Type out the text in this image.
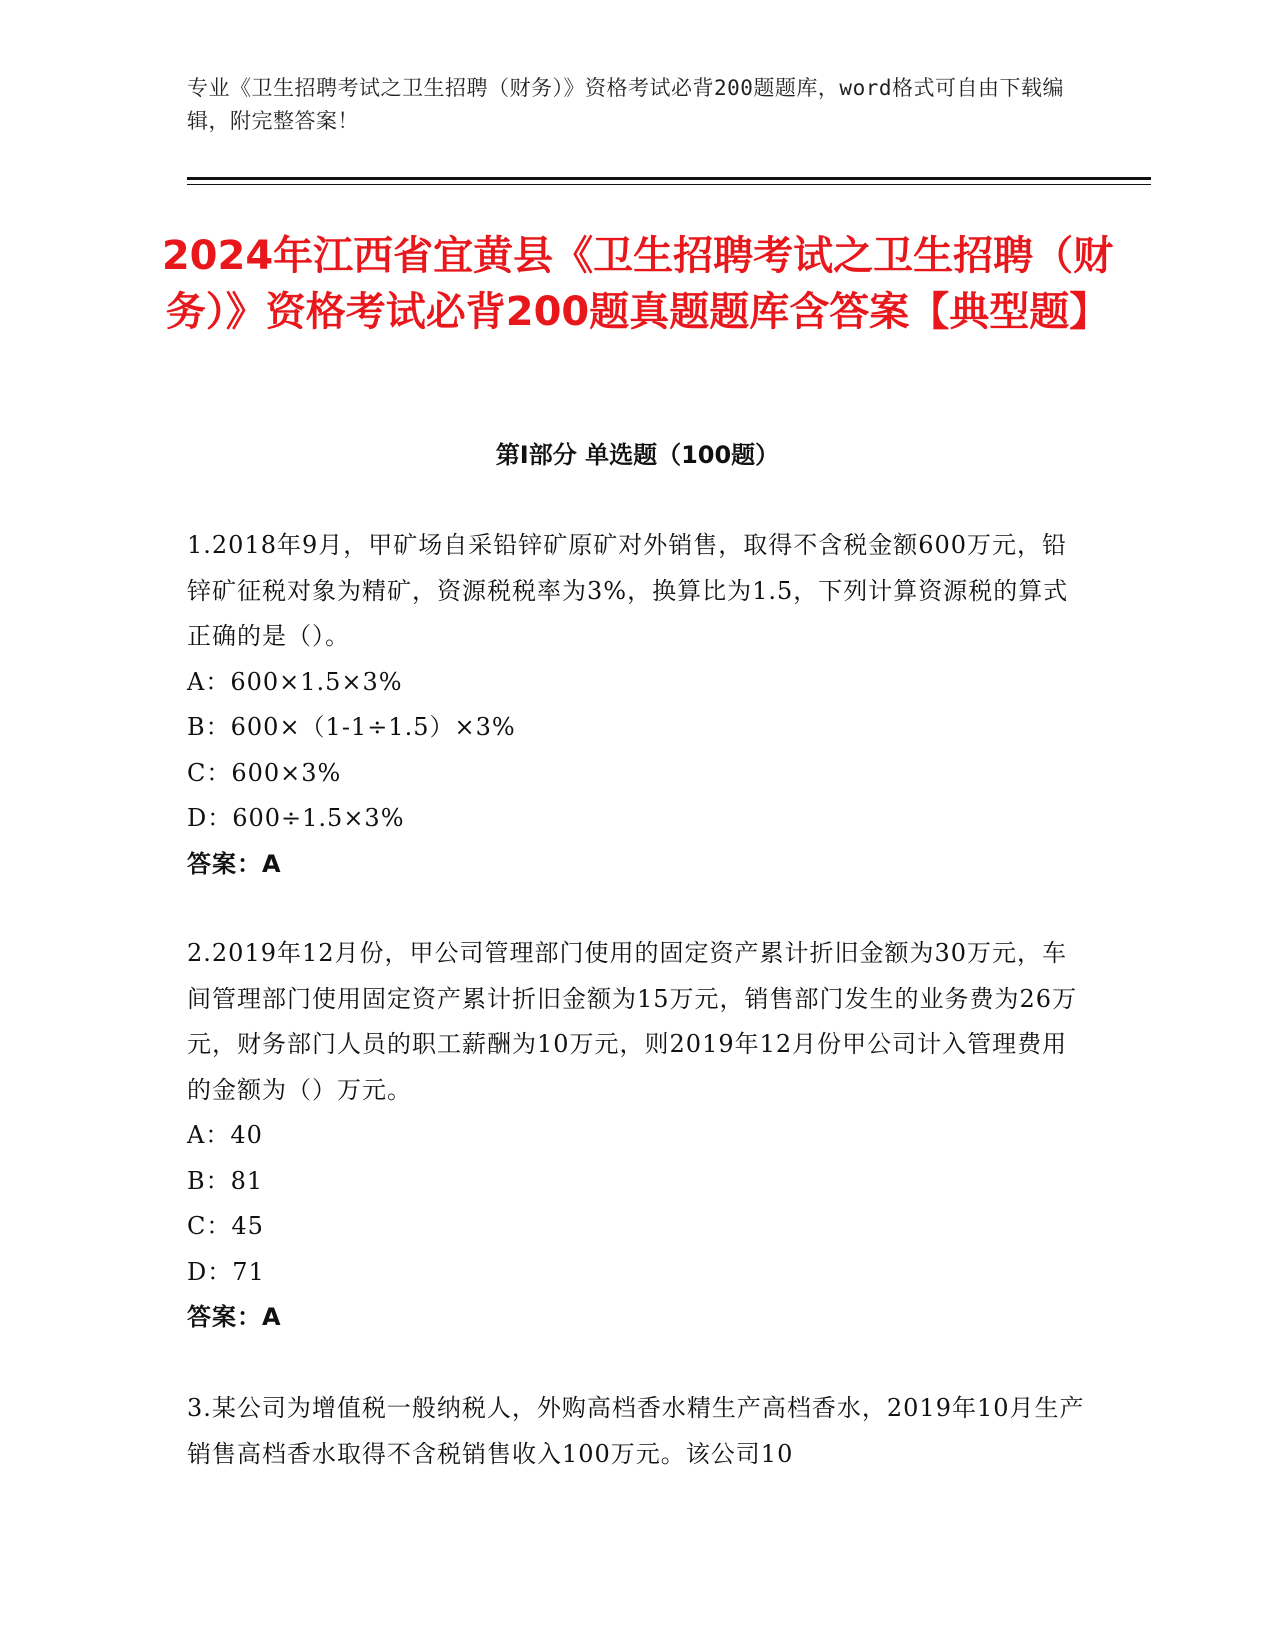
专业《卫生招聘考试之卫生招聘（财务）》资格考试必背200题题库，word格式可自由下载编辑，附完整答案！
2024年江西省宜黄县《卫生招聘考试之卫生招聘（财务）》资格考试必背200题真题题库含答案【典型题】
第I部分 单选题（100题）

1.2018年9月，甲矿场自采铅锌矿原矿对外销售，取得不含税金额600万元，铅锌矿征税对象为精矿，资源税税率为3%，换算比为1.5，下列计算资源税的算式正确的是（）。

A：600×1.5×3%

B：600×（1-1÷1.5）×3%

C：600×3%

D：600÷1.5×3%

答案：A

2.2019年12月份，甲公司管理部门使用的固定资产累计折旧金额为30万元，车间管理部门使用固定资产累计折旧金额为15万元，销售部门发生的业务费为26万元，财务部门人员的职工薪酬为10万元，则2019年12月份甲公司计入管理费用的金额为（）万元。

A：40

B：81

C：45

D：71

答案：A

3.某公司为增值税一般纳税人，外购高档香水精生产高档香水，2019年10月生产销售高档香水取得不含税销售收入100万元。该公司10
